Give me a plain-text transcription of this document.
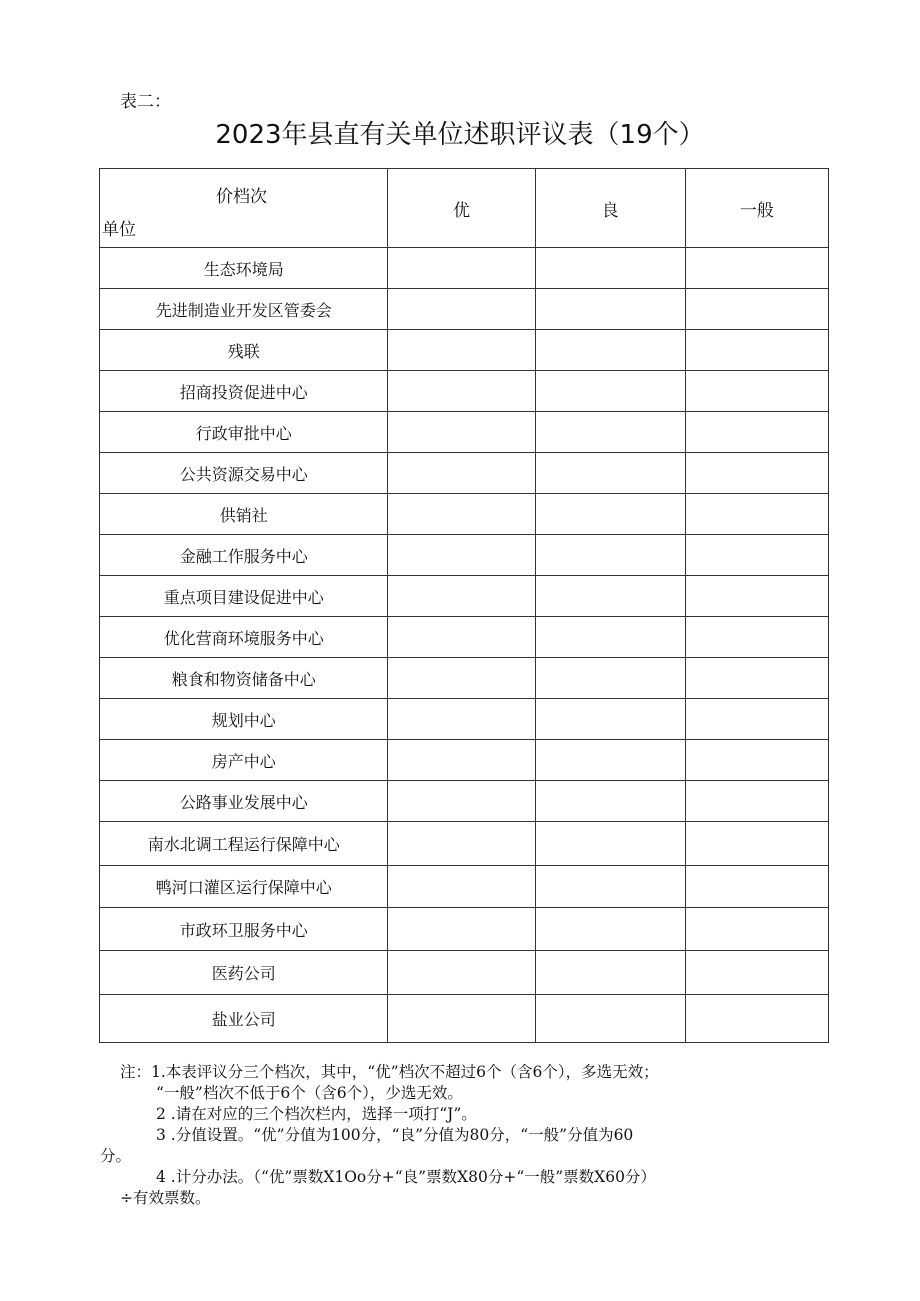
表二：
2023年县直有关单位述职评议表（19个）
价档次
单位	优	良	一般
生态环境局			
先进制造业开发区管委会			
残联			
招商投资促进中心			
行政审批中心			
公共资源交易中心			
供销社			
金融工作服务中心			
重点项目建设促进中心			
优化营商环境服务中心			
粮食和物资储备中心			
规划中心			
房产中心			
公路事业发展中心			
南水北调工程运行保障中心			
鸭河口灌区运行保障中心			
市政环卫服务中心			
医药公司			
盐业公司			
注：1.本表评议分三个档次，其中，“优”档次不超过6个（含6个），多选无效；
“一般”档次不低于6个（含6个），少选无效。
2 .请在对应的三个档次栏内，选择一项打“J”。
3 .分值设置。“优”分值为100分，“良”分值为80分，“一般”分值为60
分。
4 .计分办法。（“优”票数X1Oo分+“良”票数X80分+“一般”票数X60分）
÷有效票数。
